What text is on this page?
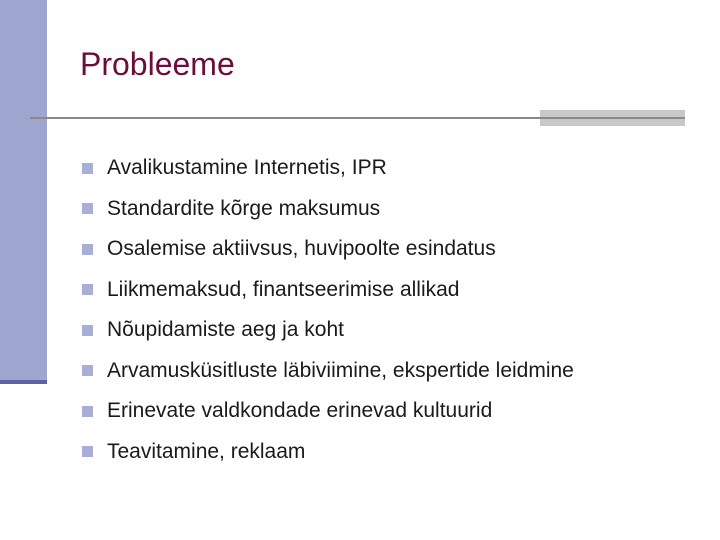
Probleeme
Avalikustamine Internetis, IPR
Standardite kõrge maksumus
Osalemise aktiivsus, huvipoolte esindatus
Liikmemaksud, finantseerimise allikad
Nõupidamiste aeg ja koht
Arvamusküsitluste läbiviimine, ekspertide leidmine
Erinevate valdkondade erinevad kultuurid
Teavitamine, reklaam
